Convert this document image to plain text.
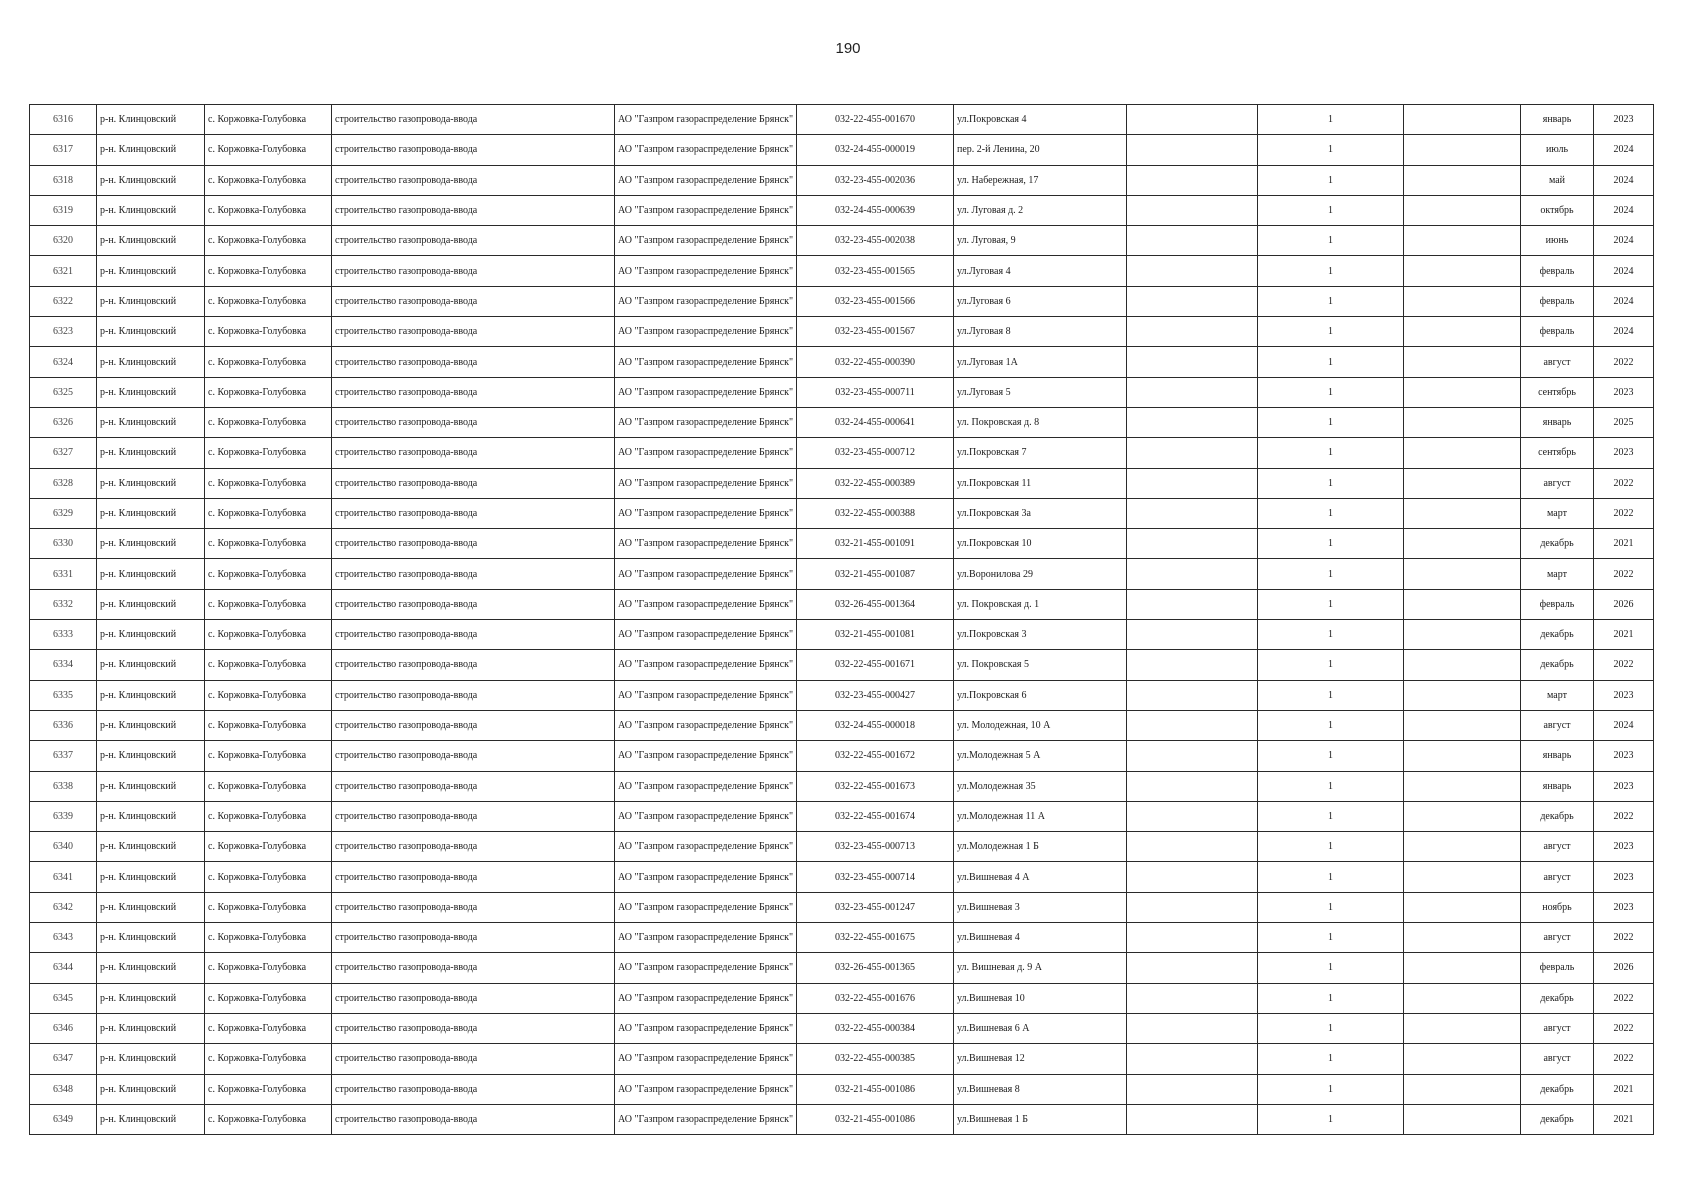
190
6316	р-н. Клинцовский	с. Коржовка-Голубовка	строительство газопровода-ввода	АО "Газпром газораспределение Брянск"	032-22-455-001670	ул.Покровская 4		1		январь	2023
6317	р-н. Клинцовский	с. Коржовка-Голубовка	строительство газопровода-ввода	АО "Газпром газораспределение Брянск"	032-24-455-000019	пер. 2-й Ленина, 20		1		июль	2024
6318	р-н. Клинцовский	с. Коржовка-Голубовка	строительство газопровода-ввода	АО "Газпром газораспределение Брянск"	032-23-455-002036	ул. Набережная, 17		1		май	2024
6319	р-н. Клинцовский	с. Коржовка-Голубовка	строительство газопровода-ввода	АО "Газпром газораспределение Брянск"	032-24-455-000639	ул. Луговая д. 2		1		октябрь	2024
6320	р-н. Клинцовский	с. Коржовка-Голубовка	строительство газопровода-ввода	АО "Газпром газораспределение Брянск"	032-23-455-002038	ул. Луговая, 9		1		июнь	2024
6321	р-н. Клинцовский	с. Коржовка-Голубовка	строительство газопровода-ввода	АО "Газпром газораспределение Брянск"	032-23-455-001565	ул.Луговая 4		1		февраль	2024
6322	р-н. Клинцовский	с. Коржовка-Голубовка	строительство газопровода-ввода	АО "Газпром газораспределение Брянск"	032-23-455-001566	ул.Луговая 6		1		февраль	2024
6323	р-н. Клинцовский	с. Коржовка-Голубовка	строительство газопровода-ввода	АО "Газпром газораспределение Брянск"	032-23-455-001567	ул.Луговая 8		1		февраль	2024
6324	р-н. Клинцовский	с. Коржовка-Голубовка	строительство газопровода-ввода	АО "Газпром газораспределение Брянск"	032-22-455-000390	ул.Луговая 1А		1		август	2022
6325	р-н. Клинцовский	с. Коржовка-Голубовка	строительство газопровода-ввода	АО "Газпром газораспределение Брянск"	032-23-455-000711	ул.Луговая 5		1		сентябрь	2023
6326	р-н. Клинцовский	с. Коржовка-Голубовка	строительство газопровода-ввода	АО "Газпром газораспределение Брянск"	032-24-455-000641	ул. Покровская д. 8		1		январь	2025
6327	р-н. Клинцовский	с. Коржовка-Голубовка	строительство газопровода-ввода	АО "Газпром газораспределение Брянск"	032-23-455-000712	ул.Покровская 7		1		сентябрь	2023
6328	р-н. Клинцовский	с. Коржовка-Голубовка	строительство газопровода-ввода	АО "Газпром газораспределение Брянск"	032-22-455-000389	ул.Покровская 11		1		август	2022
6329	р-н. Клинцовский	с. Коржовка-Голубовка	строительство газопровода-ввода	АО "Газпром газораспределение Брянск"	032-22-455-000388	ул.Покровская 3а		1		март	2022
6330	р-н. Клинцовский	с. Коржовка-Голубовка	строительство газопровода-ввода	АО "Газпром газораспределение Брянск"	032-21-455-001091	ул.Покровская 10		1		декабрь	2021
6331	р-н. Клинцовский	с. Коржовка-Голубовка	строительство газопровода-ввода	АО "Газпром газораспределение Брянск"	032-21-455-001087	ул.Воронилова 29		1		март	2022
6332	р-н. Клинцовский	с. Коржовка-Голубовка	строительство газопровода-ввода	АО "Газпром газораспределение Брянск"	032-26-455-001364	ул. Покровская д. 1		1		февраль	2026
6333	р-н. Клинцовский	с. Коржовка-Голубовка	строительство газопровода-ввода	АО "Газпром газораспределение Брянск"	032-21-455-001081	ул.Покровская 3		1		декабрь	2021
6334	р-н. Клинцовский	с. Коржовка-Голубовка	строительство газопровода-ввода	АО "Газпром газораспределение Брянск"	032-22-455-001671	ул. Покровская 5		1		декабрь	2022
6335	р-н. Клинцовский	с. Коржовка-Голубовка	строительство газопровода-ввода	АО "Газпром газораспределение Брянск"	032-23-455-000427	ул.Покровская 6		1		март	2023
6336	р-н. Клинцовский	с. Коржовка-Голубовка	строительство газопровода-ввода	АО "Газпром газораспределение Брянск"	032-24-455-000018	ул. Молодежная, 10 А		1		август	2024
6337	р-н. Клинцовский	с. Коржовка-Голубовка	строительство газопровода-ввода	АО "Газпром газораспределение Брянск"	032-22-455-001672	ул.Молодежная 5 А		1		январь	2023
6338	р-н. Клинцовский	с. Коржовка-Голубовка	строительство газопровода-ввода	АО "Газпром газораспределение Брянск"	032-22-455-001673	ул.Молодежная 35		1		январь	2023
6339	р-н. Клинцовский	с. Коржовка-Голубовка	строительство газопровода-ввода	АО "Газпром газораспределение Брянск"	032-22-455-001674	ул.Молодежная 11 А		1		декабрь	2022
6340	р-н. Клинцовский	с. Коржовка-Голубовка	строительство газопровода-ввода	АО "Газпром газораспределение Брянск"	032-23-455-000713	ул.Молодежная 1 Б		1		август	2023
6341	р-н. Клинцовский	с. Коржовка-Голубовка	строительство газопровода-ввода	АО "Газпром газораспределение Брянск"	032-23-455-000714	ул.Вишневая 4 А		1		август	2023
6342	р-н. Клинцовский	с. Коржовка-Голубовка	строительство газопровода-ввода	АО "Газпром газораспределение Брянск"	032-23-455-001247	ул.Вишневая 3		1		ноябрь	2023
6343	р-н. Клинцовский	с. Коржовка-Голубовка	строительство газопровода-ввода	АО "Газпром газораспределение Брянск"	032-22-455-001675	ул.Вишневая 4		1		август	2022
6344	р-н. Клинцовский	с. Коржовка-Голубовка	строительство газопровода-ввода	АО "Газпром газораспределение Брянск"	032-26-455-001365	ул. Вишневая д. 9 А		1		февраль	2026
6345	р-н. Клинцовский	с. Коржовка-Голубовка	строительство газопровода-ввода	АО "Газпром газораспределение Брянск"	032-22-455-001676	ул.Вишневая 10		1		декабрь	2022
6346	р-н. Клинцовский	с. Коржовка-Голубовка	строительство газопровода-ввода	АО "Газпром газораспределение Брянск"	032-22-455-000384	ул.Вишневая 6 А		1		август	2022
6347	р-н. Клинцовский	с. Коржовка-Голубовка	строительство газопровода-ввода	АО "Газпром газораспределение Брянск"	032-22-455-000385	ул.Вишневая 12		1		август	2022
6348	р-н. Клинцовский	с. Коржовка-Голубовка	строительство газопровода-ввода	АО "Газпром газораспределение Брянск"	032-21-455-001086	ул.Вишневая 8		1		декабрь	2021
6349	р-н. Клинцовский	с. Коржовка-Голубовка	строительство газопровода-ввода	АО "Газпром газораспределение Брянск"	032-21-455-001086	ул.Вишневая 1 Б		1		декабрь	2021
